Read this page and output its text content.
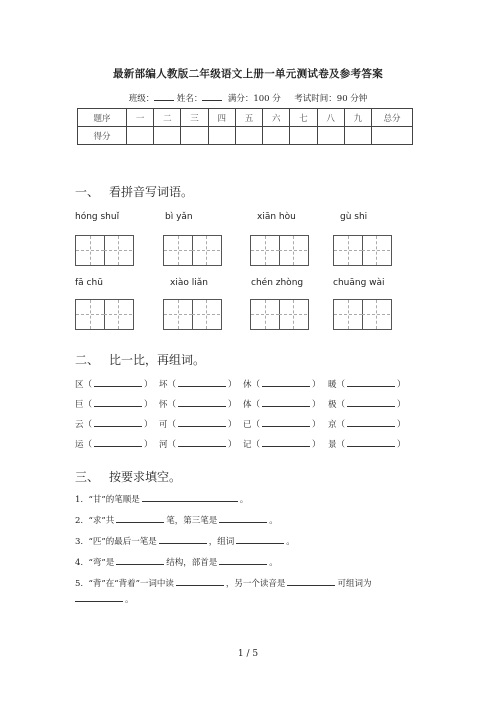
最新部编人教版二年级语文上册一单元测试卷及参考答案
班级：	姓名：	满分：100 分 考试时间：90 分钟
题序	一	二	三	四	五	六	七	八	九	总分
得分										
一、 看拼音写词语。
hóng shuǐ	bì yǎn	xiān hòu	gù shi
fā chū	xiào liǎn	chén zhòng	chuāng wài
二、 比一比，再组词。
区（	） 坏（	） 休（	） 暖（	）
巨（	） 怀（	） 体（	） 极（	）
云（	） 可（	） 已（	） 京（	）
运（	） 河（	） 记（	） 景（	）
三、 按要求填空。
1. “甘”的笔顺是	。
2. “求”共	笔，第三笔是	。
3. “匹”的最后一笔是	，组词	。
4. “弯”是	结构，部首是	。
5. “背”在“背着”一词中读	，另一个读音是	可组词为
。
1 / 5
